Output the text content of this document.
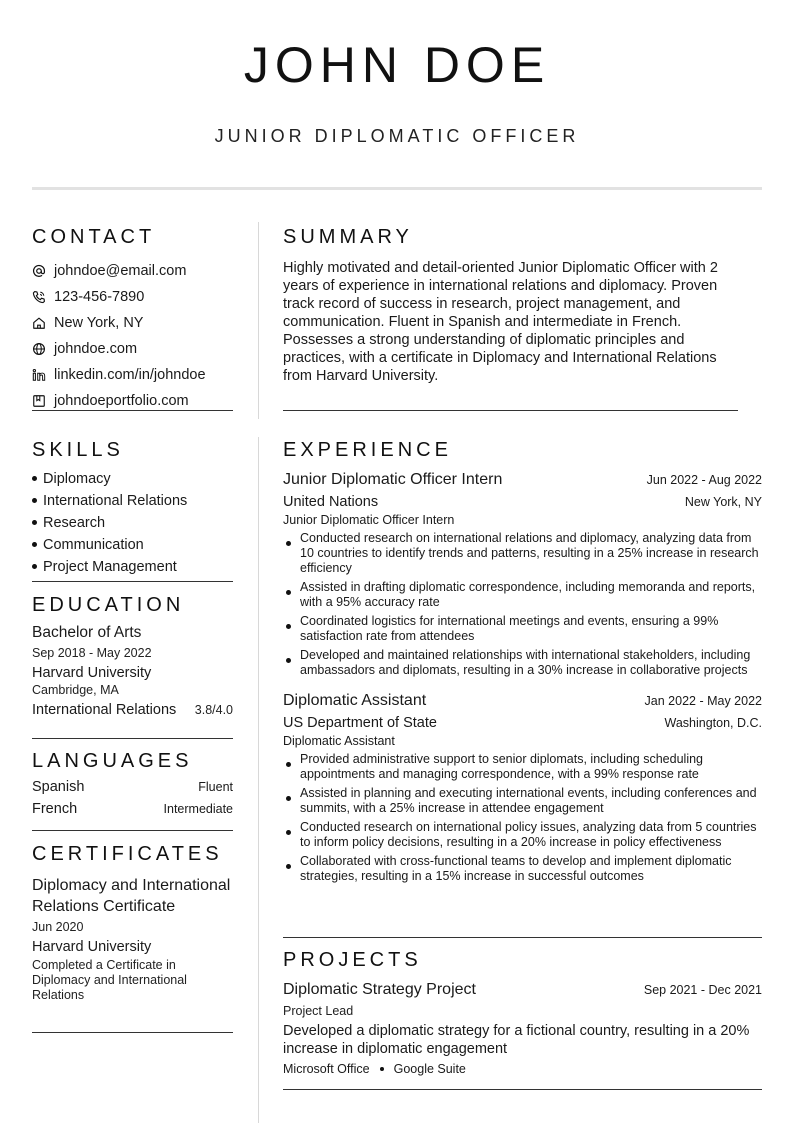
JOHN DOE
JUNIOR DIPLOMATIC OFFICER
CONTACT
johndoe@email.com
123-456-7890
New York, NY
johndoe.com
linkedin.com/in/johndoe
johndoeportfolio.com
SKILLS
Diplomacy
International Relations
Research
Communication
Project Management
EDUCATION
Bachelor of Arts
Sep 2018 - May 2022
Harvard University
Cambridge, MA
International Relations 3.8/4.0
LANGUAGES
Spanish	Fluent
French	Intermediate
CERTIFICATES
Diplomacy and International Relations Certificate
Jun 2020
Harvard University
Completed a Certificate in Diplomacy and International Relations
SUMMARY
Highly motivated and detail-oriented Junior Diplomatic Officer with 2 years of experience in international relations and diplomacy. Proven track record of success in research, project management, and communication. Fluent in Spanish and intermediate in French. Possesses a strong understanding of diplomatic principles and practices, with a certificate in Diplomacy and International Relations from Harvard University.
EXPERIENCE
Junior Diplomatic Officer Intern	Jun 2022 - Aug 2022
United Nations	New York, NY
Junior Diplomatic Officer Intern
Conducted research on international relations and diplomacy, analyzing data from 10 countries to identify trends and patterns, resulting in a 25% increase in research efficiency
Assisted in drafting diplomatic correspondence, including memoranda and reports, with a 95% accuracy rate
Coordinated logistics for international meetings and events, ensuring a 99% satisfaction rate from attendees
Developed and maintained relationships with international stakeholders, including ambassadors and diplomats, resulting in a 30% increase in collaborative projects
Diplomatic Assistant	Jan 2022 - May 2022
US Department of State	Washington, D.C.
Diplomatic Assistant
Provided administrative support to senior diplomats, including scheduling appointments and managing correspondence, with a 99% response rate
Assisted in planning and executing international events, including conferences and summits, with a 25% increase in attendee engagement
Conducted research on international policy issues, analyzing data from 5 countries to inform policy decisions, resulting in a 20% increase in policy effectiveness
Collaborated with cross-functional teams to develop and implement diplomatic strategies, resulting in a 15% increase in successful outcomes
PROJECTS
Diplomatic Strategy Project	Sep 2021 - Dec 2021
Project Lead
Developed a diplomatic strategy for a fictional country, resulting in a 20% increase in diplomatic engagement
Microsoft Office Google Suite
